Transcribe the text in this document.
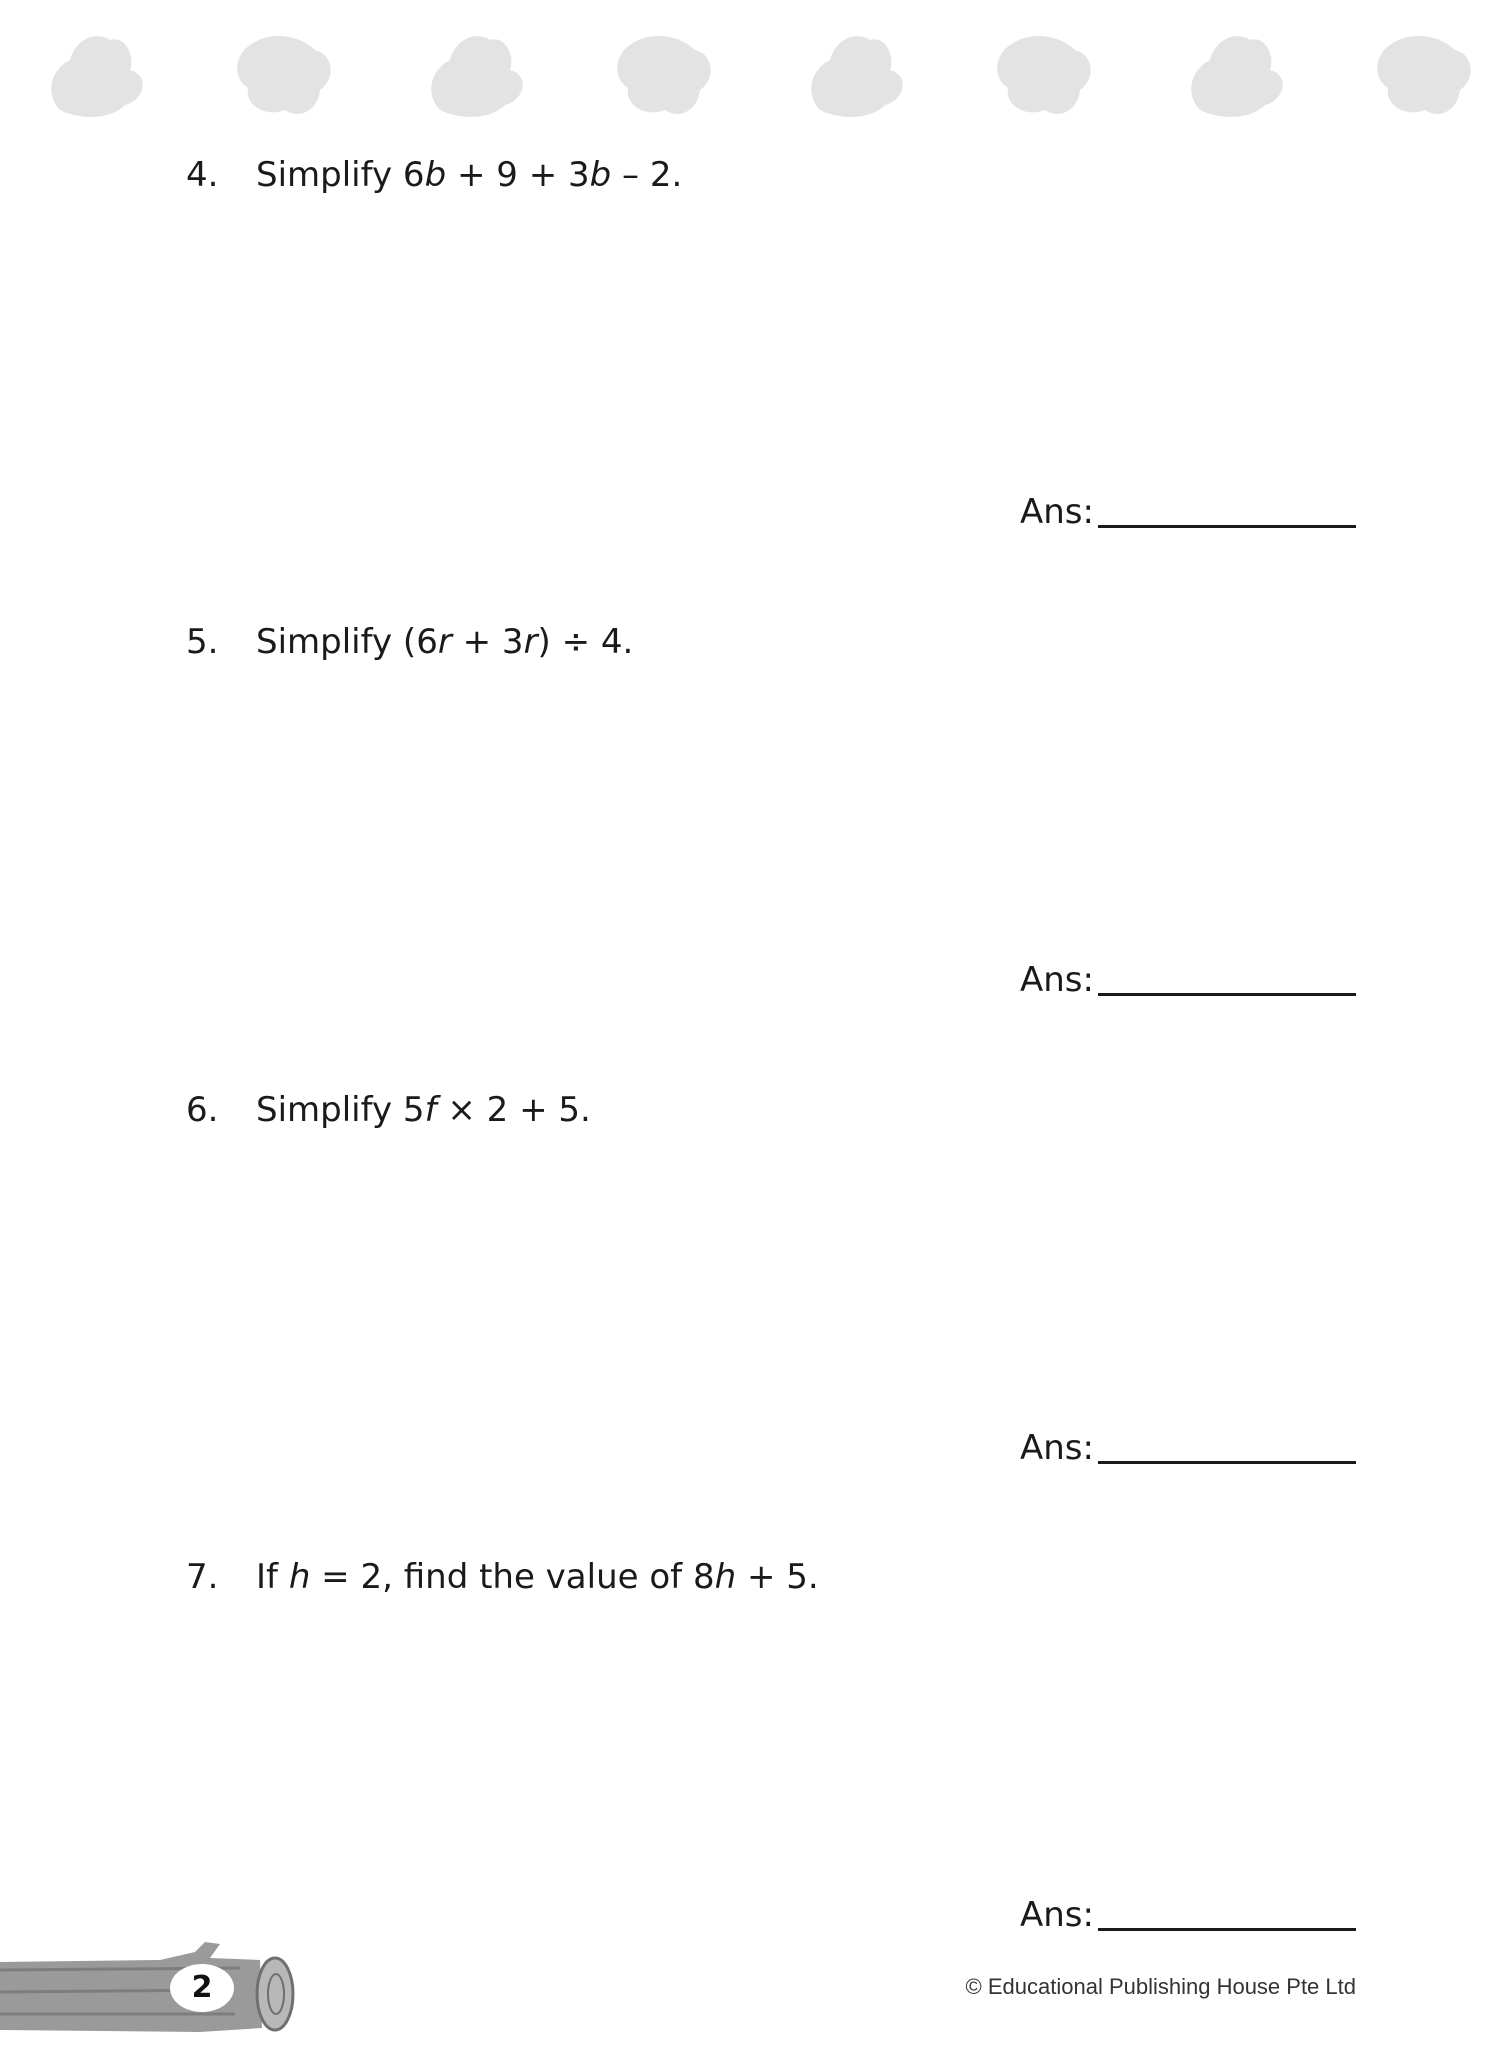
4. Simplify 6b + 9 + 3b – 2.
Ans:
5. Simplify (6r + 3r) ÷ 4.
Ans:
6. Simplify 5f × 2 + 5.
Ans:
7. If h = 2, find the value of 8h + 5.
Ans:
2	© Educational Publishing House Pte Ltd
